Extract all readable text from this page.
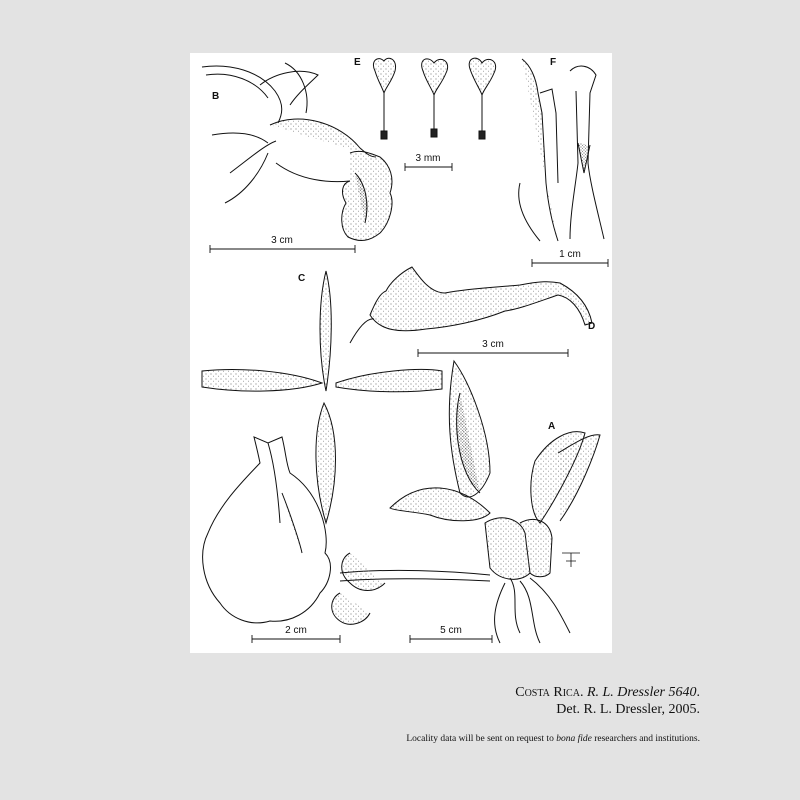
B
E	F
C
D
A
3 cm
3 mm
1 cm
3 cm
2 cm	5 cm
Costa Rica. R. L. Dressler 5640.
Det. R. L. Dressler, 2005.
Locality data will be sent on request to bona fide researchers and institutions.
